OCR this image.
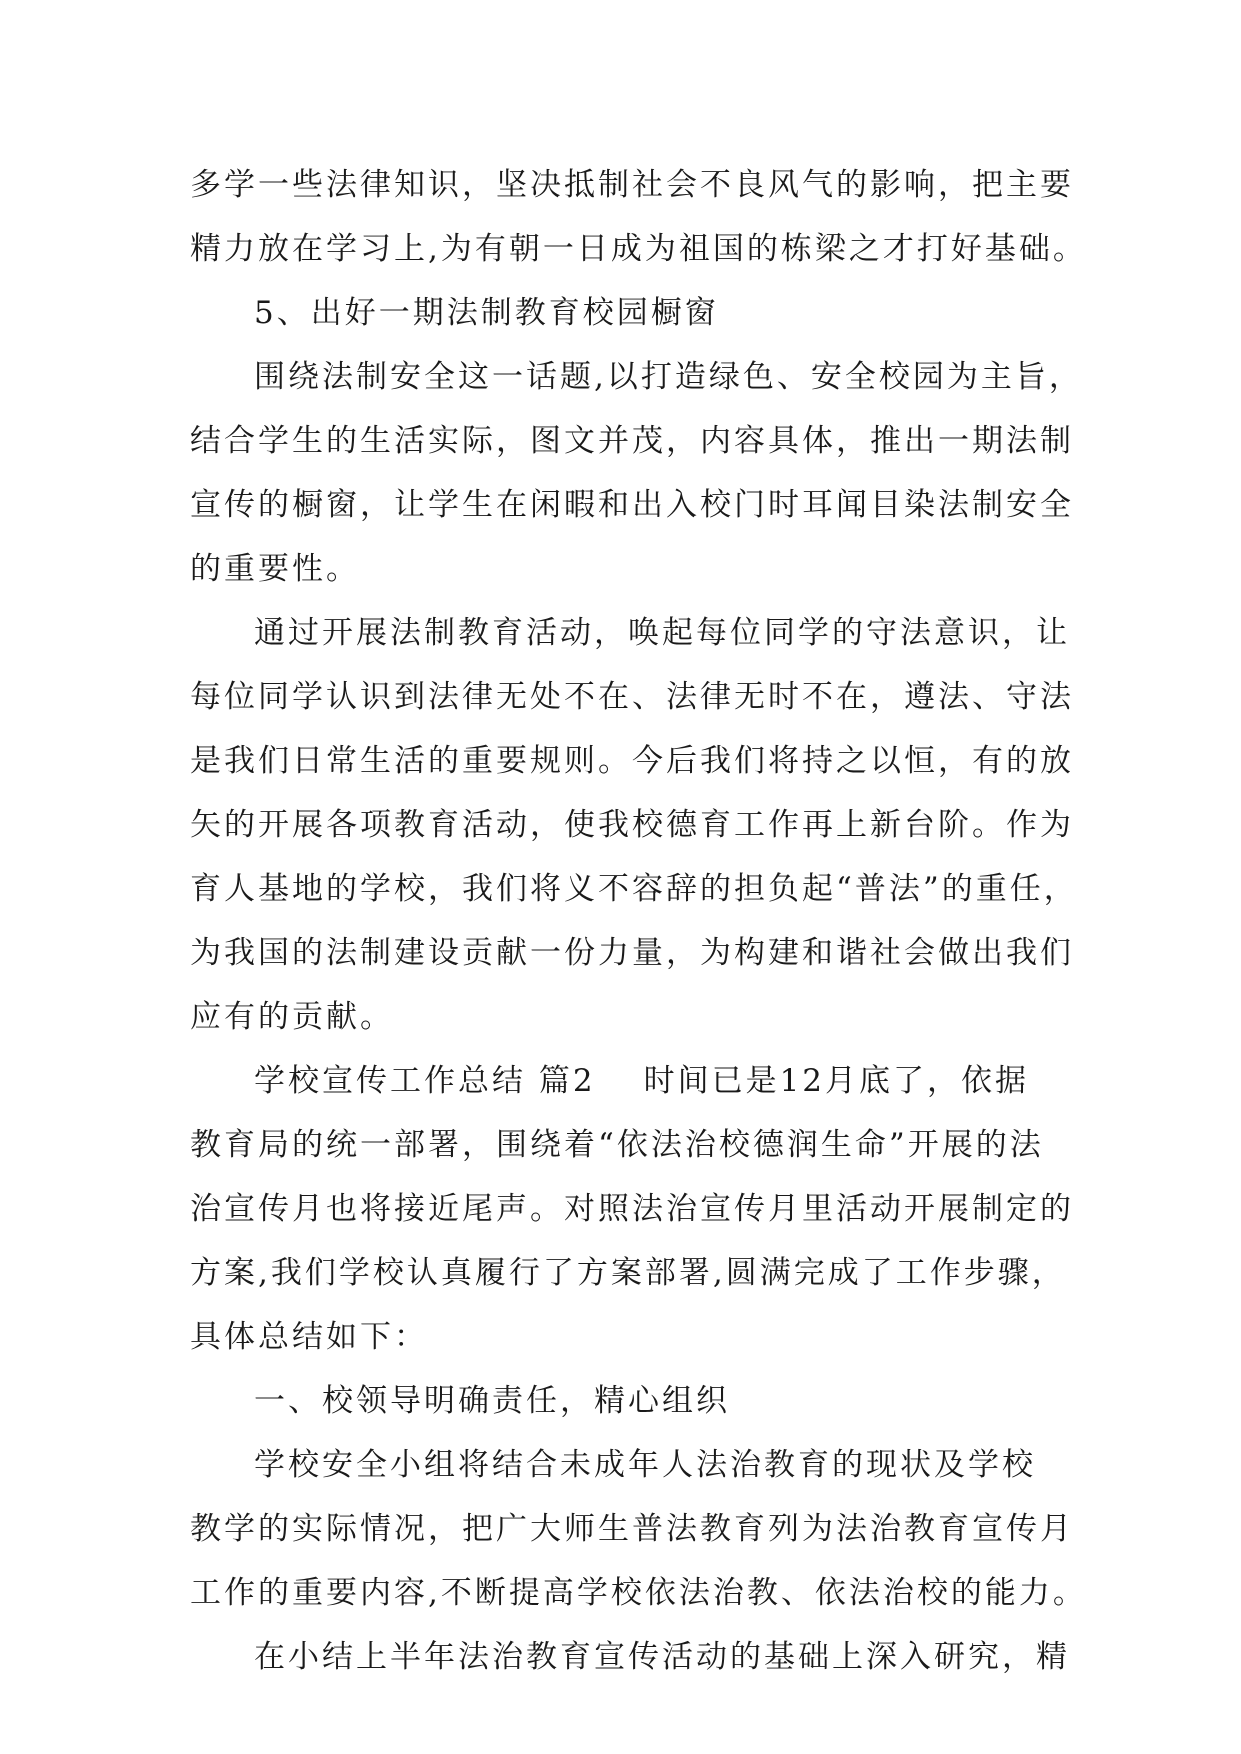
多学一些法律知识，坚决抵制社会不良风气的影响，把主要
精力放在学习上,为有朝一日成为祖国的栋梁之才打好基础。
5、出好一期法制教育校园橱窗
围绕法制安全这一话题,以打造绿色、安全校园为主旨，
结合学生的生活实际，图文并茂，内容具体，推出一期法制
宣传的橱窗，让学生在闲暇和出入校门时耳闻目染法制安全
的重要性。
通过开展法制教育活动，唤起每位同学的守法意识，让
每位同学认识到法律无处不在、法律无时不在，遵法、守法
是我们日常生活的重要规则。今后我们将持之以恒，有的放
矢的开展各项教育活动，使我校德育工作再上新台阶。作为
育人基地的学校，我们将义不容辞的担负起“普法”的重任，
为我国的法制建设贡献一份力量，为构建和谐社会做出我们
应有的贡献。
学校宣传工作总结 篇2 时间已是12月底了，依据
教育局的统一部署，围绕着“依法治校德润生命”开展的法
治宣传月也将接近尾声。对照法治宣传月里活动开展制定的
方案,我们学校认真履行了方案部署,圆满完成了工作步骤，
具体总结如下：
一、校领导明确责任，精心组织
学校安全小组将结合未成年人法治教育的现状及学校
教学的实际情况，把广大师生普法教育列为法治教育宣传月
工作的重要内容,不断提高学校依法治教、依法治校的能力。
在小结上半年法治教育宣传活动的基础上深入研究，精
